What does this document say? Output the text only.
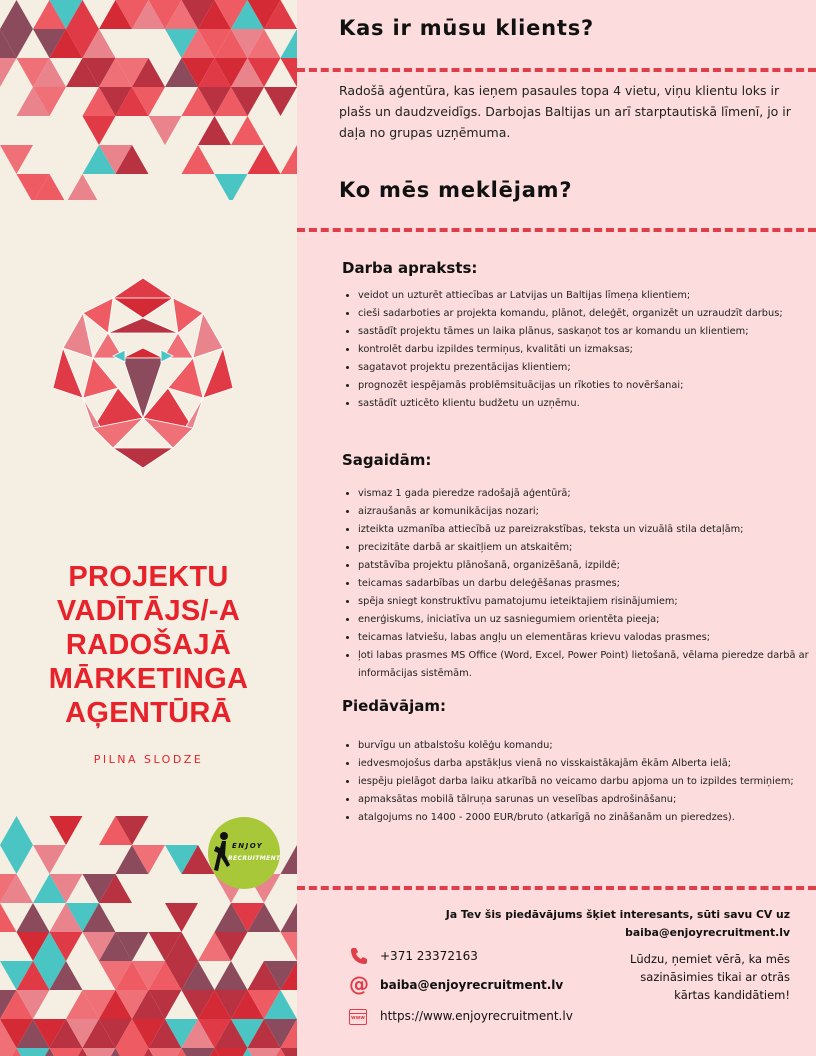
PROJEKTU
VADĪTĀJS/-A
RADOŠAJĀ
MĀRKETINGA
AĢENTŪRĀ
PILNA SLODZE
ENJOY
RECRUITMENT
Kas ir mūsu klients?

Radošā aģentūra, kas ieņem pasaules topa 4 vietu, viņu klientu loks ir plašs un daudzveidīgs. Darbojas Baltijas un arī starptautiskā līmenī, jo ir daļa no grupas uzņēmuma.

Ko mēs meklējam?
Darba apraksts:
• veidot un uzturēt attiecības ar Latvijas un Baltijas līmeņa klientiem;
• cieši sadarboties ar projekta komandu, plānot, deleģēt, organizēt un uzraudzīt darbus;
• sastādīt projektu tāmes un laika plānus, saskaņot tos ar komandu un klientiem;
• kontrolēt darbu izpildes termiņus, kvalitāti un izmaksas;
• sagatavot projektu prezentācijas klientiem;
• prognozēt iespējamās problēmsituācijas un rīkoties to novēršanai;
• sastādīt uzticēto klientu budžetu un uzņēmu.
Sagaidām:
• vismaz 1 gada pieredze radošajā aģentūrā;
• aizraušanās ar komunikācijas nozari;
• izteikta uzmanība attiecībā uz pareizrakstības, teksta un vizuālā stila detaļām;
• precizitāte darbā ar skaitļiem un atskaitēm;
• patstāvība projektu plānošanā, organizēšanā, izpildē;
• teicamas sadarbības un darbu deleģēšanas prasmes;
• spēja sniegt konstruktīvu pamatojumu ieteiktajiem risinājumiem;
• enerģiskums, iniciatīva un uz sasniegumiem orientēta pieeja;
• teicamas latviešu, labas angļu un elementāras krievu valodas prasmes;
• ļoti labas prasmes MS Office (Word, Excel, Power Point) lietošanā, vēlama pieredze darbā ar informācijas sistēmām.
Piedāvājam:
• burvīgu un atbalstošu kolēģu komandu;
• iedvesmojošus darba apstākļus vienā no visskaistākajām ēkām Alberta ielā;
• iespēju pielāgot darba laiku atkarībā no veicamo darbu apjoma un to izpildes termiņiem;
• apmaksātas mobilā tālruņa sarunas un veselības apdrošināšanu;
• atalgojums no 1400 - 2000 EUR/bruto (atkarīgā no zināšanām un pieredzes).
Ja Tev šis piedāvājums šķiet interesants, sūti savu CV uz
baiba@enjoyrecruitment.lv
Lūdzu, ņemiet vērā, ka mēs
sazināsimies tikai ar otrās
kārtas kandidātiem!
+371 23372163
@ baiba@enjoyrecruitment.lv
www https://www.enjoyrecruitment.lv
